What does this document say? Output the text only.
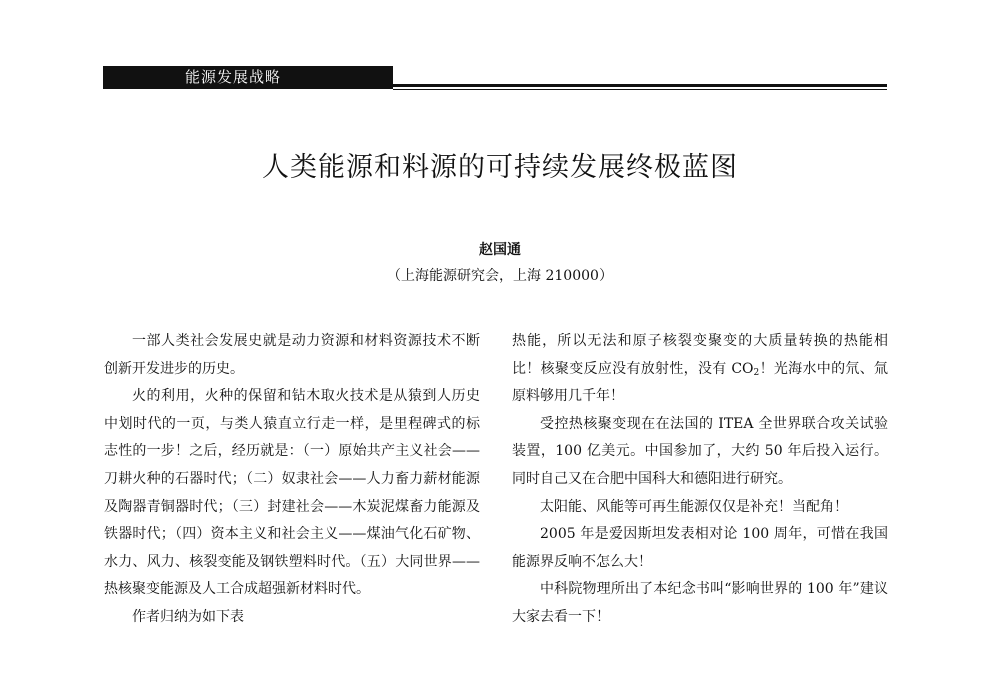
能源发展战略
人类能源和料源的可持续发展终极蓝图
赵国通
（上海能源研究会，上海 210000）

一部人类社会发展史就是动力资源和材料资源技术不断创新开发进步的历史。

火的利用，火种的保留和钻木取火技术是从猿到人历史中划时代的一页，与类人猿直立行走一样，是里程碑式的标志性的一步！之后，经历就是：（一）原始共产主义社会——刀耕火种的石器时代；（二）奴隶社会——人力畜力薪材能源及陶器青铜器时代；（三）封建社会——木炭泥煤畜力能源及铁器时代；（四）资本主义和社会主义——煤油气化石矿物、水力、风力、核裂变能及钢铁塑料时代。（五）大同世界——热核聚变能源及人工合成超强新材料时代。

作者归纳为如下表

热能，所以无法和原子核裂变聚变的大质量转换的热能相比！核聚变反应没有放射性，没有 $CO_2$！光海水中的氘、氚原料够用几千年！

受控热核聚变现在在法国的 ITEA 全世界联合攻关试验装置，100 亿美元。中国参加了，大约 50 年后投入运行。同时自己又在合肥中国科大和德阳进行研究。

太阳能、风能等可再生能源仅仅是补充！当配角！

2005 年是爱因斯坦发表相对论 100 周年，可惜在我国能源界反响不怎么大！

中科院物理所出了本纪念书叫“影响世界的 100 年”建议大家去看一下！
